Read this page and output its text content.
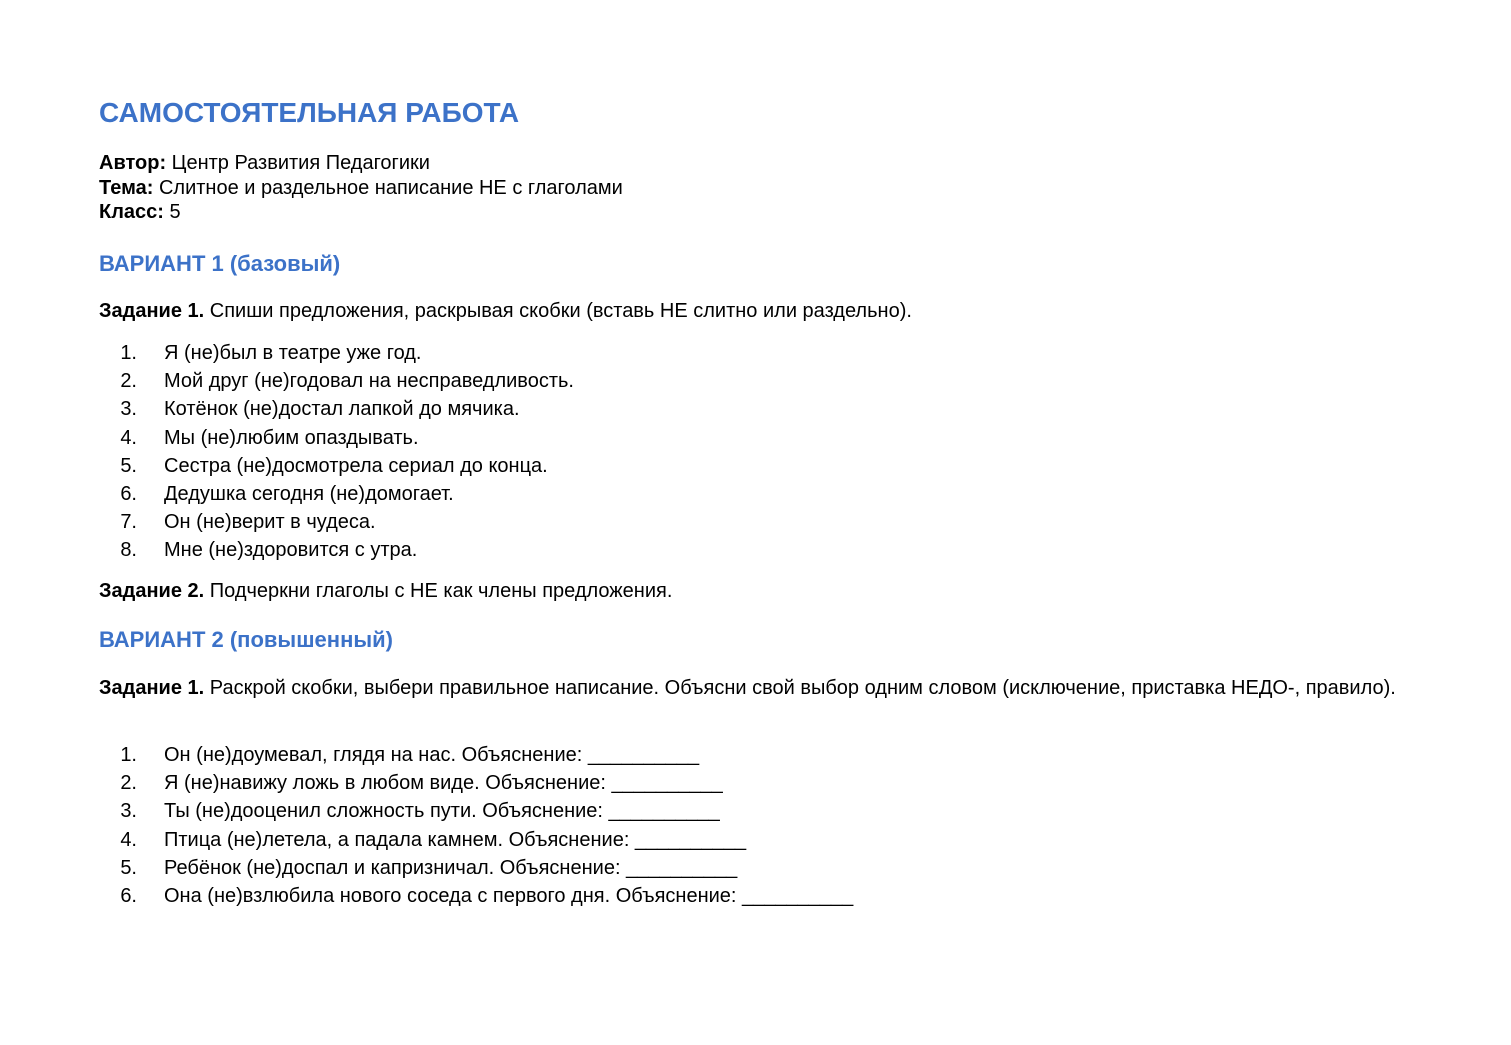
САМОСТОЯТЕЛЬНАЯ РАБОТА
Автор: Центр Развития Педагогики
Тема: Слитное и раздельное написание НЕ с глаголами
Класс: 5
ВАРИАНТ 1 (базовый)
Задание 1. Спиши предложения, раскрывая скобки (вставь НЕ слитно или раздельно).
1. Я (не)был в театре уже год.
2. Мой друг (не)годовал на несправедливость.
3. Котёнок (не)достал лапкой до мячика.
4. Мы (не)любим опаздывать.
5. Сестра (не)досмотрела сериал до конца.
6. Дедушка сегодня (не)домогает.
7. Он (не)верит в чудеса.
8. Мне (не)здоровится с утра.
Задание 2. Подчеркни глаголы с НЕ как члены предложения.
ВАРИАНТ 2 (повышенный)
Задание 1. Раскрой скобки, выбери правильное написание. Объясни свой выбор одним словом (исключение, приставка НЕДО-, правило).
1. Он (не)доумевал, глядя на нас. Объяснение: __________
2. Я (не)навижу ложь в любом виде. Объяснение: __________
3. Ты (не)дооценил сложность пути. Объяснение: __________
4. Птица (не)летела, а падала камнем. Объяснение: __________
5. Ребёнок (не)доспал и капризничал. Объяснение: __________
6. Она (не)взлюбила нового соседа с первого дня. Объяснение: __________
